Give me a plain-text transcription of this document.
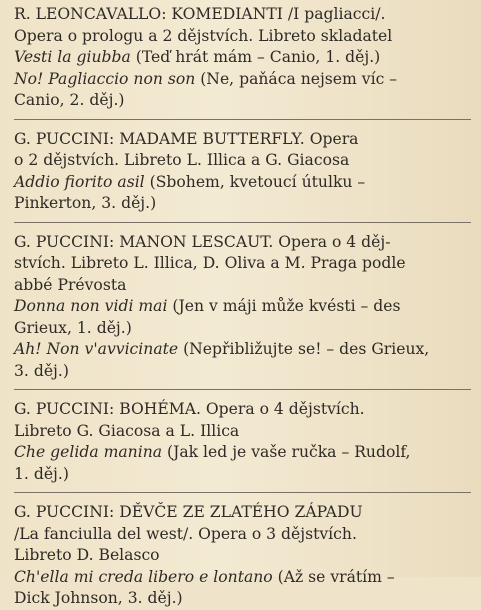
R. LEONCAVALLO: KOMEDIANTI /I pagliacci/.
Opera o prologu a 2 dějstvích. Libreto skladatel
Vesti la giubba (Teď hrát mám – Canio, 1. děj.)
No! Pagliaccio non son (Ne, paňáca nejsem víc –
Canio, 2. děj.)
G. PUCCINI: MADAME BUTTERFLY. Opera
o 2 dějstvích. Libreto L. Illica a G. Giacosa
Addio fiorito asil (Sbohem, kvetoucí útulku –
Pinkerton, 3. děj.)
G. PUCCINI: MANON LESCAUT. Opera o 4 děj-
stvích. Libreto L. Illica, D. Oliva a M. Praga podle
abbé Prévosta
Donna non vidi mai (Jen v máji může kvésti – des
Grieux, 1. děj.)
Ah! Non v'avvicinate (Nepřibližujte se! – des Grieux,
3. děj.)
G. PUCCINI: BOHÉMA. Opera o 4 dějstvích.
Libreto G. Giacosa a L. Illica
Che gelida manina (Jak led je vaše ručka – Rudolf,
1. děj.)
G. PUCCINI: DĚVČE ZE ZLATÉHO ZÁPADU
/La fanciulla del west/. Opera o 3 dějstvích.
Libreto D. Belasco
Ch'ella mi creda libero e lontano (Až se vrátím –
Dick Johnson, 3. děj.)
